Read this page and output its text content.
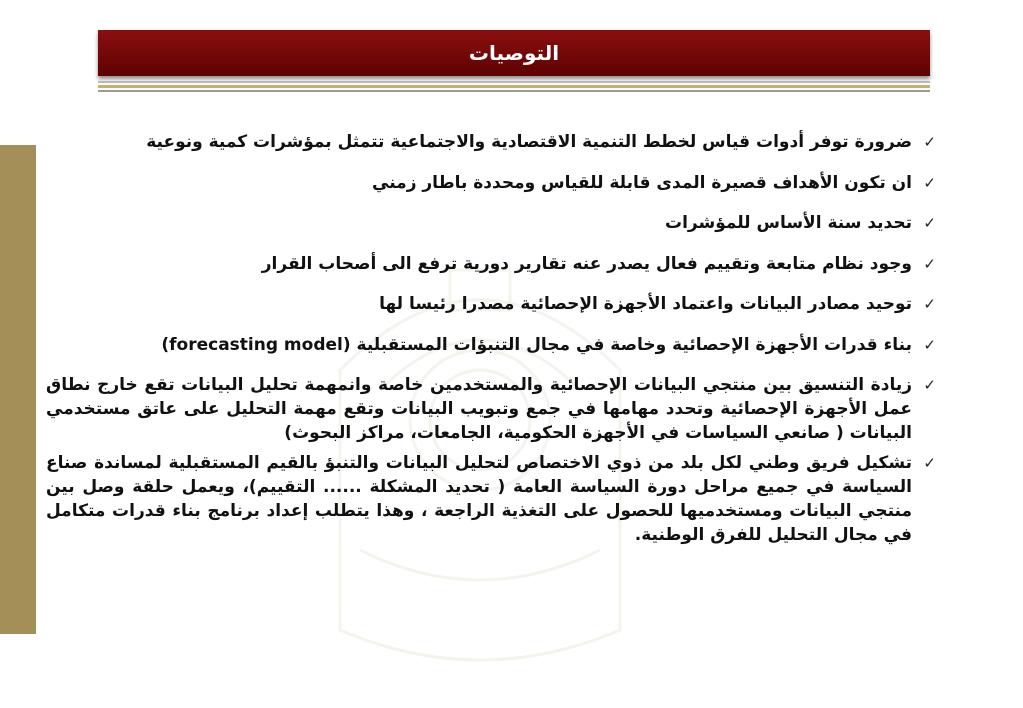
التوصيات
✓
ضرورة توفر أدوات قياس لخطط التنمية الاقتصادية والاجتماعية تتمثل بمؤشرات كمية ونوعية
✓
ان تكون الأهداف قصيرة المدى قابلة للقياس ومحددة باطار زمني
✓
تحديد سنة الأساس للمؤشرات
✓
وجود نظام متابعة وتقييم فعال يصدر عنه تقارير دورية ترفع الى أصحاب القرار
✓
توحيد مصادر البيانات واعتماد الأجهزة الإحصائية مصدرا رئيسا لها
✓
بناء قدرات الأجهزة الإحصائية وخاصة في مجال التنبؤات المستقبلية (forecasting model)
✓
زيادة التنسيق بين منتجي البيانات الإحصائية والمستخدمين خاصة وانمهمة تحليل البيانات تقع خارج نطاق عمل الأجهزة الإحصائية وتحدد مهامها في جمع وتبويب البيانات وتقع مهمة التحليل على عاتق مستخدمي البيانات ( صانعي السياسات في الأجهزة الحكومية، الجامعات، مراكز البحوث)
✓
تشكيل فريق وطني لكل بلد من ذوي الاختصاص لتحليل البيانات والتنبؤ بالقيم المستقبلية لمساندة صناع السياسة في جميع مراحل دورة السياسة العامة ( تحديد المشكلة ...... التقييم)، ويعمل حلقة وصل بين منتجي البيانات ومستخدميها للحصول على التغذية الراجعة ، وهذا يتطلب إعداد برنامج بناء قدرات متكامل في مجال التحليل للفرق الوطنية.
